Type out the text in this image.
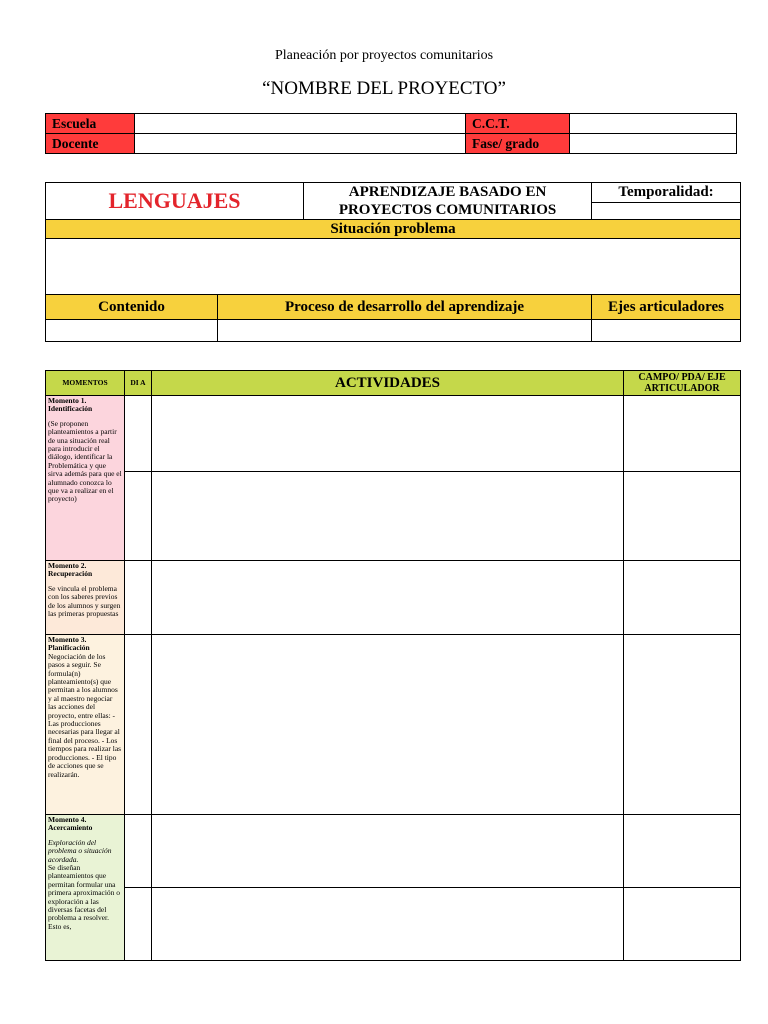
Planeación por proyectos comunitarios
“NOMBRE DEL PROYECTO”
Escuela		C.C.T.	
Docente		Fase/ grado	
LENGUAJES		APRENDIZAJE BASADO EN
PROYECTOS COMUNITARIOS	Temporalidad:

Situación problema			

Contenido	Proceso de desarrollo del aprendizaje		Ejes articuladores

MOMENTOS	DI A	ACTIVIDADES	CAMPO/ PDA/ EJE ARTICULADOR

Momento 1. Identificación
(Se proponen planteamientos a partir de una situación real para introducir el diálogo, identificar la Problemática y que sirva además para que el alumnado conozca lo que va a realizar en el proyecto)			

Momento 2. Recuperación
Se vincula el problema con los saberes previos de los alumnos y surgen las primeras propuestas			

Momento 3. Planificación
Negociación de los pasos a seguir. Se formula(n) planteamiento(s) que permitan a los alumnos y al maestro negociar las acciones del proyecto, entre ellas: -Las producciones necesarias para llegar al final del proceso. - Los tiempos para realizar las producciones. - El tipo de acciones que se realizarán.			

Momento 4. Acercamiento
Exploración del problema o situación acordada.
Se diseñan planteamientos que permitan formular una primera aproximación o exploración a las diversas facetas del problema a resolver. Esto es,			
